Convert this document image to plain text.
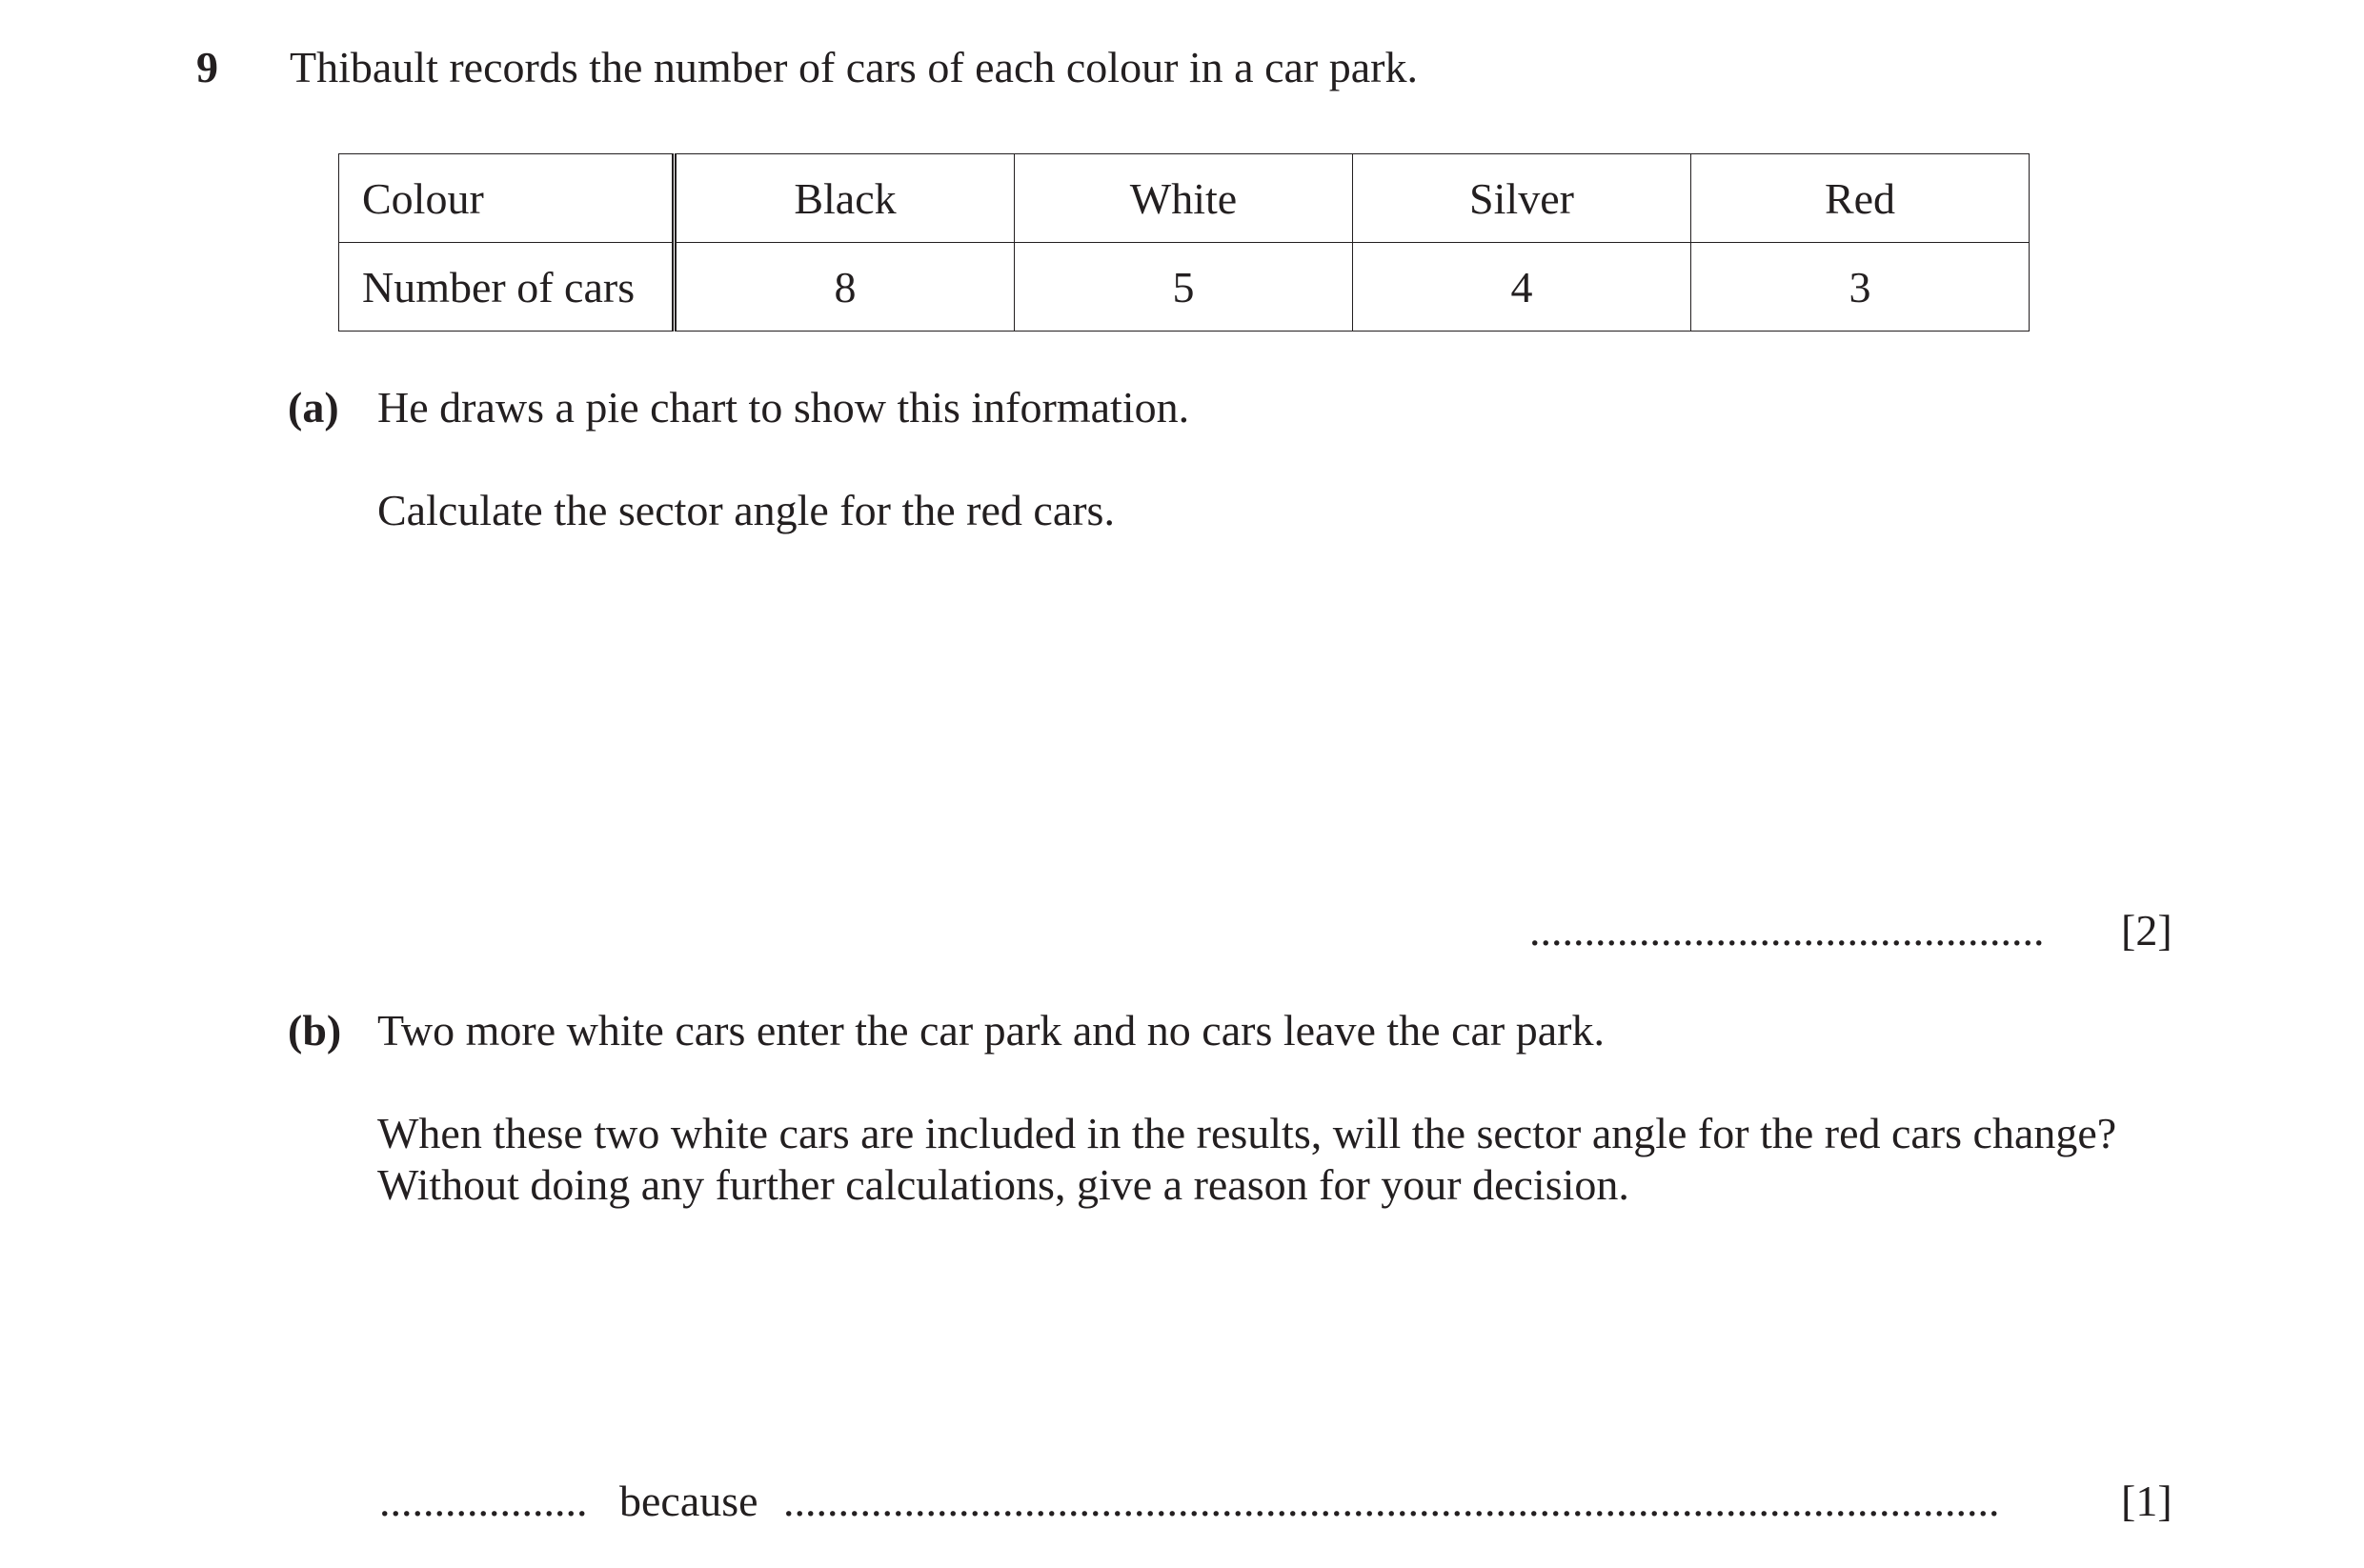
9 Thibault records the number of cars of each colour in a car park.
Colour	Black	White	Silver	Red
Number of cars	8	5	4	3
(a) He draws a pie chart to show this information.
Calculate the sector angle for the red cars.
...............................................	[2]
(b) Two more white cars enter the car park and no cars leave the car park.
When these two white cars are included in the results, will the sector angle for the red cars change?
Without doing any further calculations, give a reason for your decision.
................... because ...............................................................................................................	[1]
